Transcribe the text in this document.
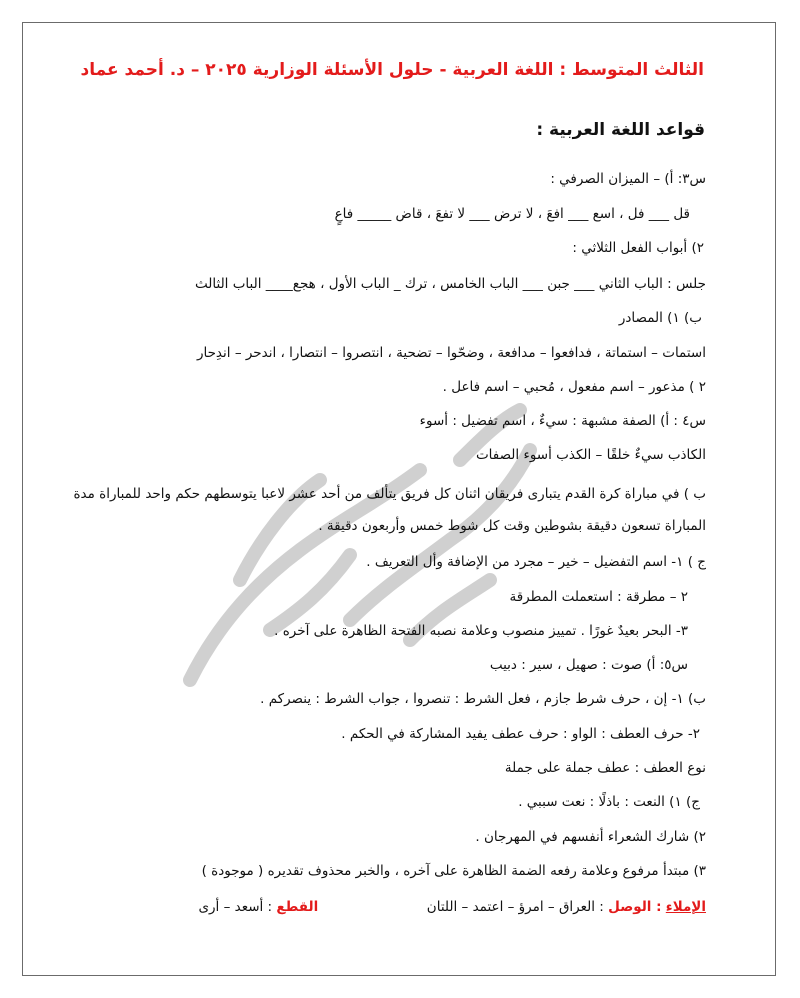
الثالث المتوسط : اللغة العربية - حلول الأسئلة الوزارية ٢٠٢٥ – د. أحمد عماد
قواعد اللغة العربية :
س٣: أ) – الميزان الصرفي :
قل ___ فل ، اسع ___ افعَ ، لا ترض ___ لا تفعَ ، قاض _____ فاعٍ
٢) أبواب الفعل الثلاثي :
جلس : الباب الثاني ___ جبن ___ الباب الخامس ، ترك _ الباب الأول ، هجع____ الباب الثالث
ب) ١) المصادر
استمات – استماتة ، فدافعوا – مدافعة ، وضحّوا – تضحية ، انتصروا – انتصارا ، اندحر – اندِحار
٢ ) مذعور – اسم مفعول ، مُحبي – اسم فاعل .
س٤ : أ) الصفة مشبهة : سيءٌ ، اسم تفضيل : أسوء
الكاذب سيءٌ خلقًا – الكذب أسوء الصفات
ب ) في مباراة كرة القدم يتبارى فريقان اثنان كل فريق يتألف من أحد عشر لاعبا يتوسطهم حكم واحد للمباراة مدة المباراة تسعون دقيقة بشوطين وقت كل شوط خمس وأربعون دقيقة .
ج ) ١- اسم التفضيل – خير – مجرد من الإضافة وأل التعريف .
٢ – مطرقة : استعملت المطرقة
٣- البحر بعيدٌ غورًا . تمييز منصوب وعلامة نصبه الفتحة الظاهرة على آخره .
س٥: أ) صوت : صهيل ، سير : دبيب
ب) ١- إن ، حرف شرط جازم ، فعل الشرط : تنصروا ، جواب الشرط : ينصركم .
٢- حرف العطف : الواو : حرف عطف يفيد المشاركة في الحكم .
نوع العطف : عطف جملة على جملة
ج) ١) النعت : باذلًا : نعت سببي .
٢) شارك الشعراء أنفسهم في المهرجان .
٣) مبتدأ مرفوع وعلامة رفعه الضمة الظاهرة على آخره ، والخبر محذوف تقديره ( موجودة )
الإملاء : الوصل : العراق – امرؤ – اعتمد – اللتان  القطع : أسعد – أرى
